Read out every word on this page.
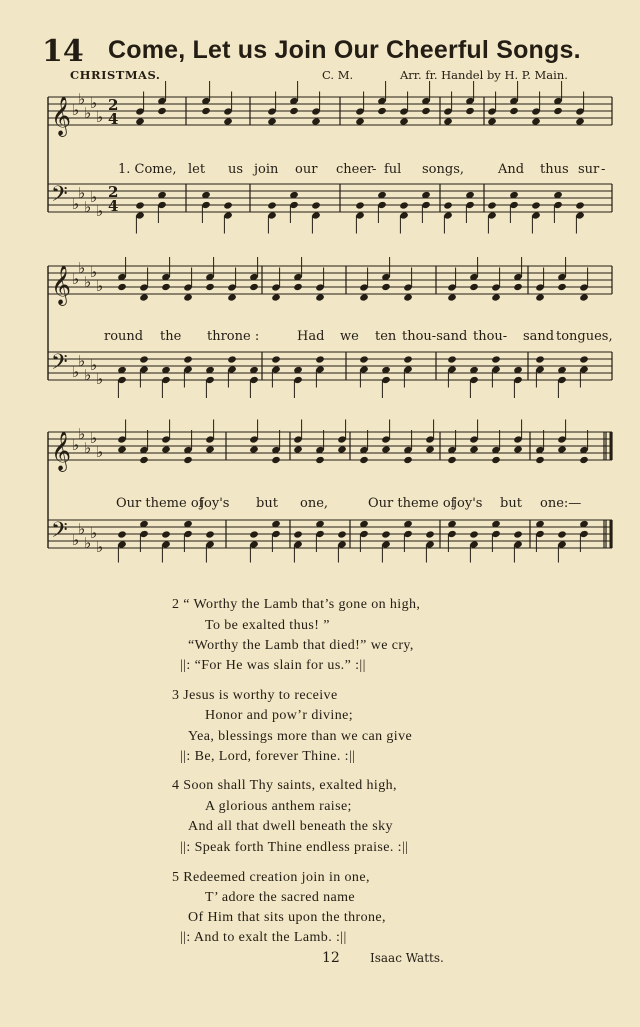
14 Come, Let us Join Our Cheerful Songs.
CHRISTMAS.	C. M.	Arr. fr. Handel by H. P. Main.
𝄞
𝄢
♭
♭
♭
♭
♭
♭
♭
♭
♭
♭
2
4
2
4
𝄞
𝄢
♭
♭
♭
♭
♭
♭
♭
♭
♭
♭
𝄞
𝄢
♭
♭
♭
♭
♭
♭
♭
♭
♭
♭
1. Come, let us join our cheer
- ful songs,	And thus sur -
round the throne :	Had we ten thou-sand thou- sand tongues,
Our theme of
joy's but one,	Our theme of
joy's but one:—
2 “ Worthy the Lamb that’s gone on high,
To be exalted thus! ”
“Worthy the Lamb that died!” we cry,
||: “For He was slain for us.” :||
3 Jesus is worthy to receive
Honor and pow’r divine;
Yea, blessings more than we can give
||: Be, Lord, forever Thine. :||
4 Soon shall Thy saints, exalted high,
A glorious anthem raise;
And all that dwell beneath the sky
||: Speak forth Thine endless praise. :||
5 Redeemed creation join in one,
T’ adore the sacred name
Of Him that sits upon the throne,
||: And to exalt the Lamb. :||
12	Isaac Watts.
